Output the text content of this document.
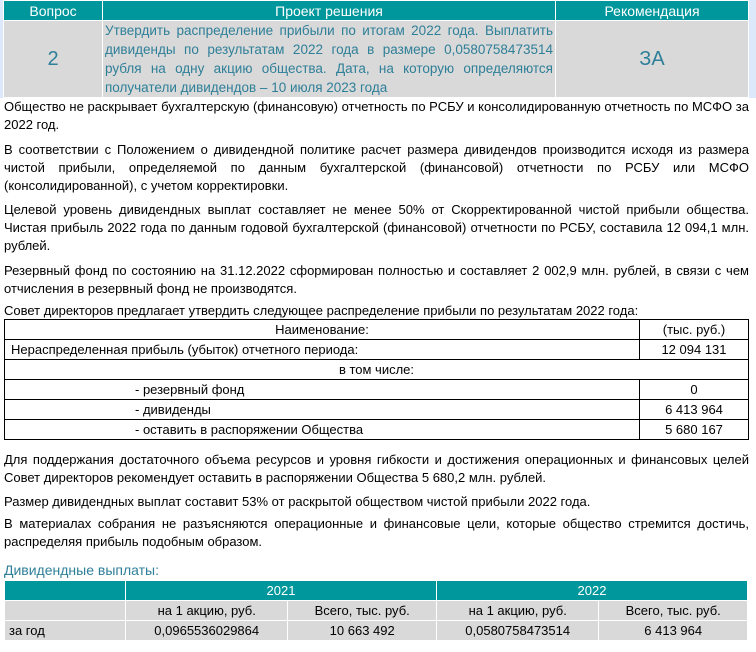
Вопрос	Проект решения	Рекомендация
2	Утвердить распределение прибыли по итогам 2022 года. Выплатить дивиденды по результатам 2022 года в размере 0,0580758473514 рубля на одну акцию общества. Дата, на которую определяются получатели дивидендов – 10 июля 2023 года	ЗА

Общество не раскрывает бухгалтерскую (финансовую) отчетность по РСБУ и консолидированную отчетность по МСФО за 2022 год.

В соответствии с Положением о дивидендной политике расчет размера дивидендов производится исходя из размера чистой прибыли, определяемой по данным бухгалтерской (финансовой) отчетности по РСБУ или МСФО (консолидированной), с учетом корректировки.

Целевой уровень дивидендных выплат составляет не менее 50% от Скорректированной чистой прибыли общества. Чистая прибыль 2022 года по данным годовой бухгалтерской (финансовой) отчетности по РСБУ, составила 12 094,1 млн. рублей.

Резервный фонд по состоянию на 31.12.2022 сформирован полностью и составляет 2 002,9 млн. рублей, в связи с чем отчисления в резервный фонд не производятся.

Совет директоров предлагает утвердить следующее распределение прибыли по результатам 2022 года:

Наименование:	(тыс. руб.)
Нераспределенная прибыль (убыток) отчетного периода:	12 094 131
в том числе:	
- резервный фонд	0
- дивиденды	6 413 964
- оставить в распоряжении Общества	5 680 167

Для поддержания достаточного объема ресурсов и уровня гибкости и достижения операционных и финансовых целей Совет директоров рекомендует оставить в распоряжении Общества 5 680,2 млн. рублей.

Размер дивидендных выплат составит 53% от раскрытой обществом чистой прибыли 2022 года.

В материалах собрания не разъясняются операционные и финансовые цели, которые общество стремится достичь, распределяя прибыль подобным образом.

Дивидендные выплаты:
	2021		2022	
	на 1 акцию, руб.	Всего, тыс. руб.	на 1 акцию, руб.	Всего, тыс. руб.
за год	0,0965536029864	10 663 492	0,0580758473514	6 413 964
